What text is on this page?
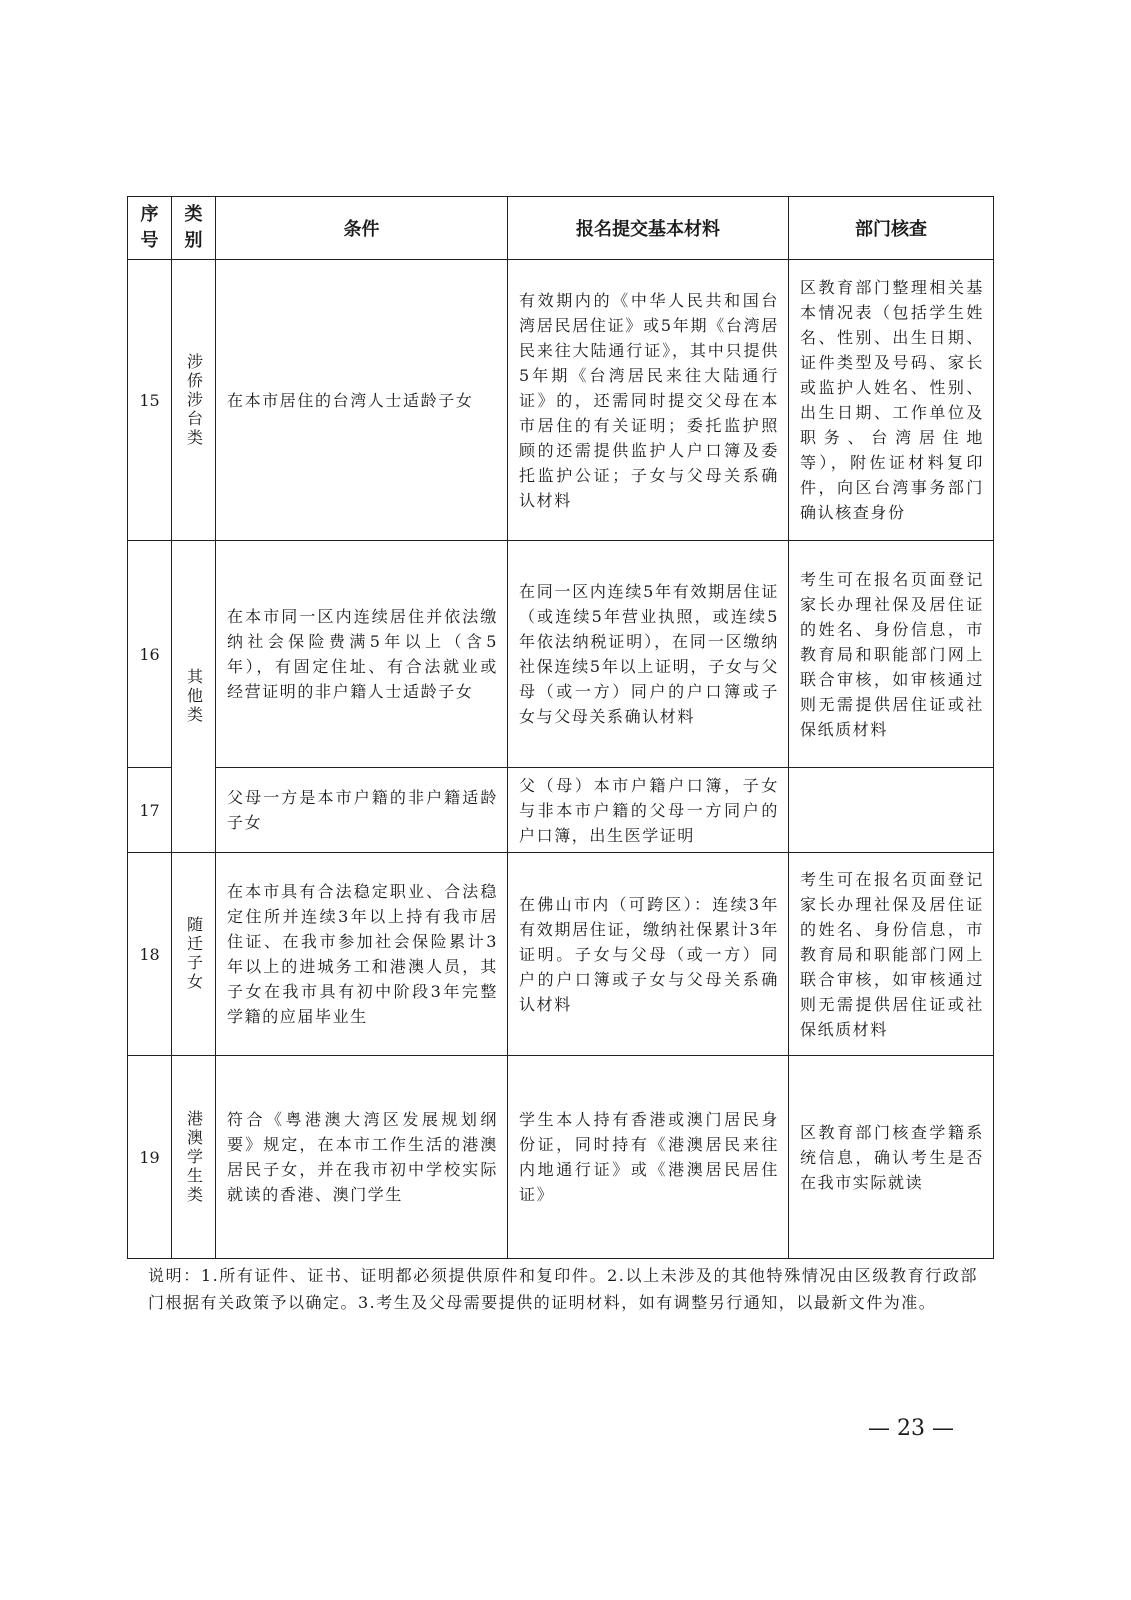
序号	类别	条件	报名提交基本材料	部门核查
15	涉侨涉台类	在本市居住的台湾人士适龄子女	有效期内的《中华人民共和国台湾居民居住证》或5年期《台湾居民来往大陆通行证》，其中只提供5年期《台湾居民来往大陆通行证》的，还需同时提交父母在本市居住的有关证明；委托监护照顾的还需提供监护人户口簿及委托监护公证；子女与父母关系确认材料	区教育部门整理相关基本情况表（包括学生姓名、性别、出生日期、证件类型及号码、家长或监护人姓名、性别、出生日期、工作单位及职务、台湾居住地等），附佐证材料复印件，向区台湾事务部门确认核查身份

16	其他类	在本市同一区内连续居住并依法缴纳社会保险费满5年以上（含5年），有固定住址、有合法就业或经营证明的非户籍人士适龄子女	在同一区内连续5年有效期居住证（或连续5年营业执照，或连续5年依法纳税证明），在同一区缴纳社保连续5年以上证明，子女与父母（或一方）同户的户口簿或子女与父母关系确认材料	考生可在报名页面登记家长办理社保及居住证的姓名、身份信息，市教育局和职能部门网上联合审核，如审核通过则无需提供居住证或社保纸质材料

17		父母一方是本市户籍的非户籍适龄子女	父（母）本市户籍户口簿，子女与非本市户籍的父母一方同户的户口簿，出生医学证明	

18	随迁子女	在本市具有合法稳定职业、合法稳定住所并连续3年以上持有我市居住证、在我市参加社会保险累计3年以上的进城务工和港澳人员，其子女在我市具有初中阶段3年完整学籍的应届毕业生	在佛山市内（可跨区）：连续3年有效期居住证，缴纳社保累计3年证明。子女与父母（或一方）同户的户口簿或子女与父母关系确认材料	考生可在报名页面登记家长办理社保及居住证的姓名、身份信息，市教育局和职能部门网上联合审核，如审核通过则无需提供居住证或社保纸质材料

19	港澳学生类	符合《粤港澳大湾区发展规划纲要》规定，在本市工作生活的港澳居民子女，并在我市初中学校实际就读的香港、澳门学生	学生本人持有香港或澳门居民身份证，同时持有《港澳居民来往内地通行证》或《港澳居民居住证》	区教育部门核查学籍系统信息，确认考生是否在我市实际就读
说明：1.所有证件、证书、证明都必须提供原件和复印件。2.以上未涉及的其他特殊情况由区级教育行政部门根据有关政策予以确定。3.考生及父母需要提供的证明材料，如有调整另行通知，以最新文件为准。
— 23 —
